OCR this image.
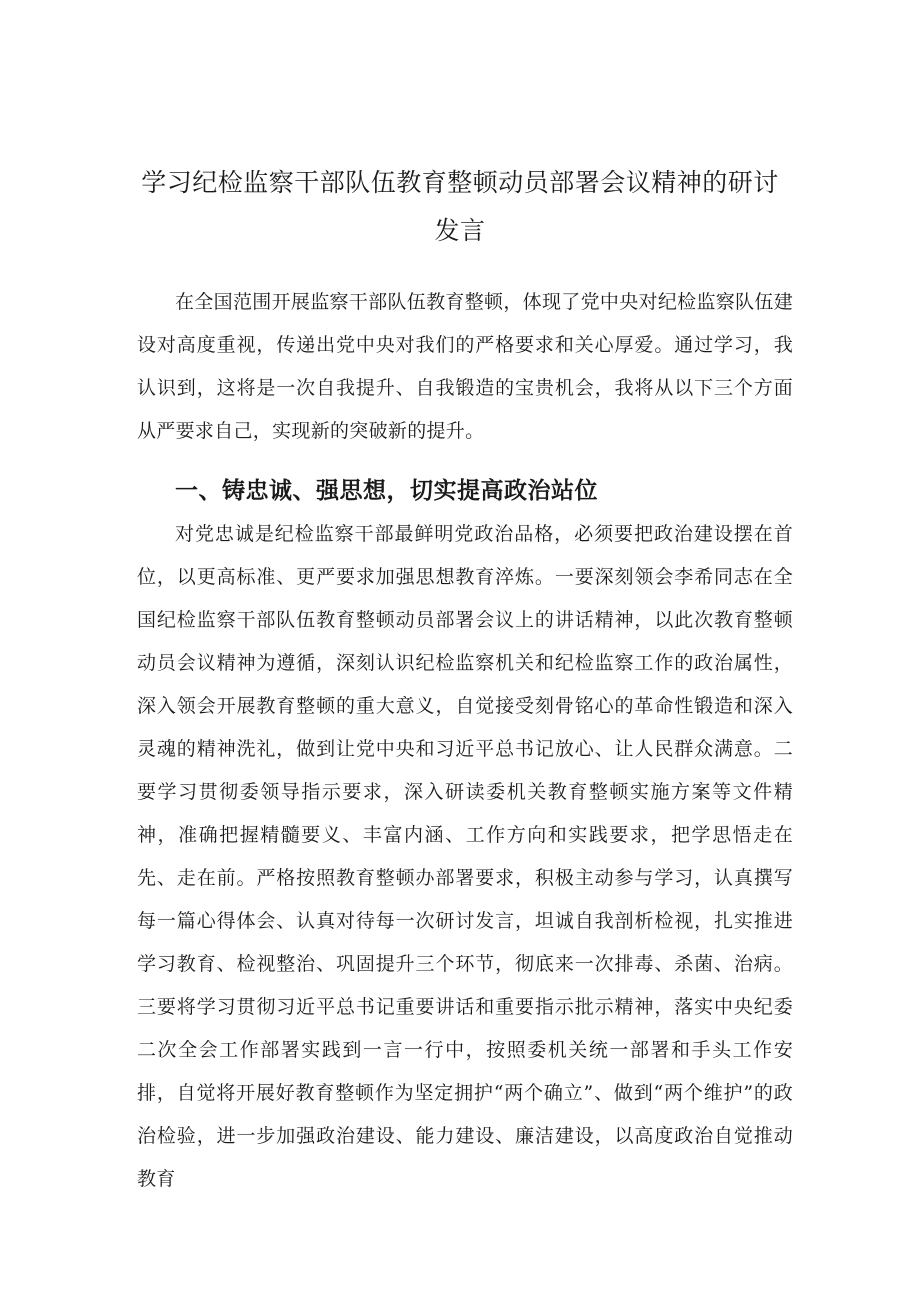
学习纪检监察干部队伍教育整顿动员部署会议精神的研讨发言

在全国范围开展监察干部队伍教育整顿，体现了党中央对纪检监察队伍建设对高度重视，传递出党中央对我们的严格要求和关心厚爱。通过学习，我认识到，这将是一次自我提升、自我锻造的宝贵机会，我将从以下三个方面从严要求自己，实现新的突破新的提升。

一、铸忠诚、强思想，切实提高政治站位

对党忠诚是纪检监察干部最鲜明党政治品格，必须要把政治建设摆在首位，以更高标准、更严要求加强思想教育淬炼。一要深刻领会李希同志在全国纪检监察干部队伍教育整顿动员部署会议上的讲话精神，以此次教育整顿动员会议精神为遵循，深刻认识纪检监察机关和纪检监察工作的政治属性，深入领会开展教育整顿的重大意义，自觉接受刻骨铭心的革命性锻造和深入灵魂的精神洗礼，做到让党中央和习近平总书记放心、让人民群众满意。二要学习贯彻委领导指示要求，深入研读委机关教育整顿实施方案等文件精神，准确把握精髓要义、丰富内涵、工作方向和实践要求，把学思悟走在先、走在前。严格按照教育整顿办部署要求，积极主动参与学习，认真撰写每一篇心得体会、认真对待每一次研讨发言，坦诚自我剖析检视，扎实推进学习教育、检视整治、巩固提升三个环节，彻底来一次排毒、杀菌、治病。三要将学习贯彻习近平总书记重要讲话和重要指示批示精神，落实中央纪委二次全会工作部署实践到一言一行中，按照委机关统一部署和手头工作安排，自觉将开展好教育整顿作为坚定拥护“两个确立”、做到“两个维护”的政治检验，进一步加强政治建设、能力建设、廉洁建设，以高度政治自觉推动教育
